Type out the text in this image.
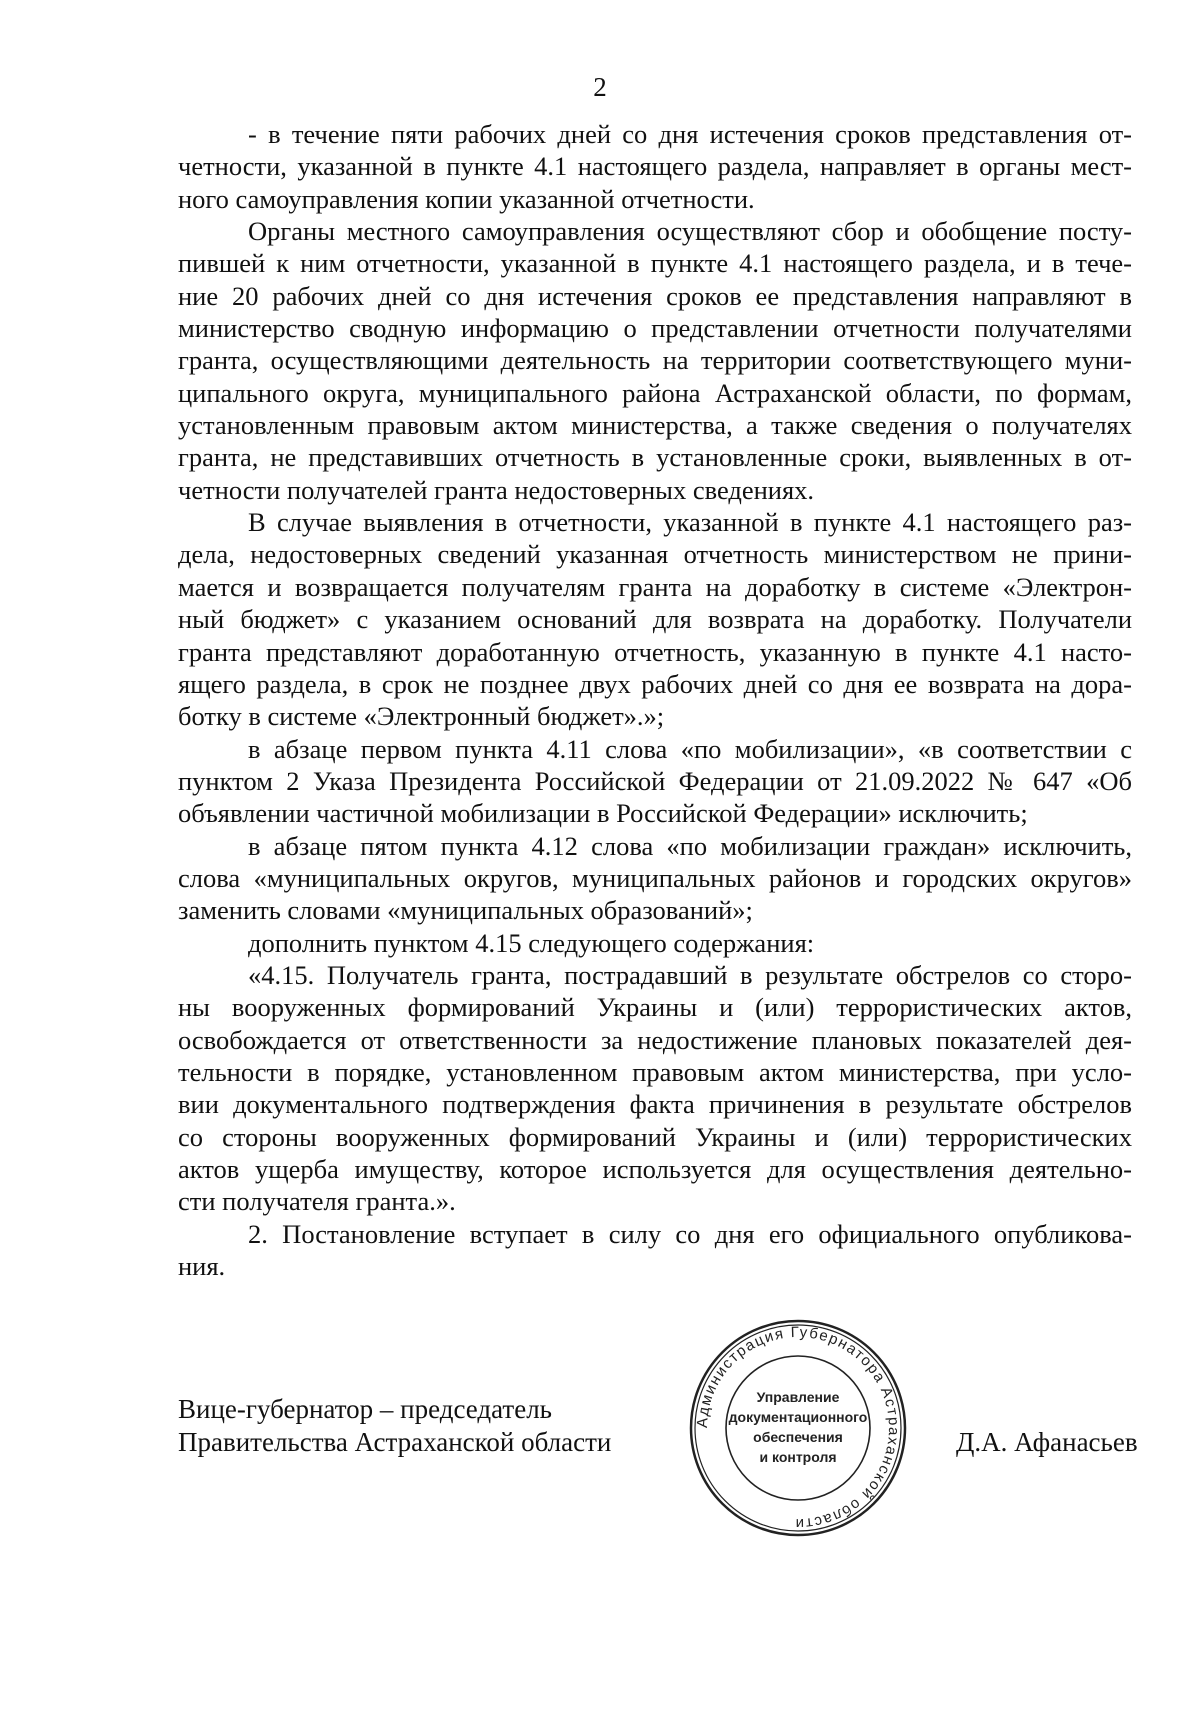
2
- в течение пяти рабочих дней со дня истечения сроков представления от-
четности, указанной в пункте 4.1 настоящего раздела, направляет в органы мест-
ного самоуправления копии указанной отчетности.
Органы местного самоуправления осуществляют сбор и обобщение посту-
пившей к ним отчетности, указанной в пункте 4.1 настоящего раздела, и в тече-
ние 20 рабочих дней со дня истечения сроков ее представления направляют в
министерство сводную информацию о представлении отчетности получателями
гранта, осуществляющими деятельность на территории соответствующего муни-
ципального округа, муниципального района Астраханской области, по формам,
установленным правовым актом министерства, а также сведения о получателях
гранта, не представивших отчетность в установленные сроки, выявленных в от-
четности получателей гранта недостоверных сведениях.
В случае выявления в отчетности, указанной в пункте 4.1 настоящего раз-
дела, недостоверных сведений указанная отчетность министерством не прини-
мается и возвращается получателям гранта на доработку в системе «Электрон-
ный бюджет» с указанием оснований для возврата на доработку. Получатели
гранта представляют доработанную отчетность, указанную в пункте 4.1 насто-
ящего раздела, в срок не позднее двух рабочих дней со дня ее возврата на дора-
ботку в системе «Электронный бюджет».»;
в абзаце первом пункта 4.11 слова «по мобилизации», «в соответствии с
пунктом 2 Указа Президента Российской Федерации от 21.09.2022 № 647 «Об
объявлении частичной мобилизации в Российской Федерации» исключить;
в абзаце пятом пункта 4.12 слова «по мобилизации граждан» исключить,
слова «муниципальных округов, муниципальных районов и городских округов»
заменить словами «муниципальных образований»;
дополнить пунктом 4.15 следующего содержания:
«4.15. Получатель гранта, пострадавший в результате обстрелов со сторо-
ны вооруженных формирований Украины и (или) террористических актов,
освобождается от ответственности за недостижение плановых показателей дея-
тельности в порядке, установленном правовым актом министерства, при усло-
вии документального подтверждения факта причинения в результате обстрелов
со стороны вооруженных формирований Украины и (или) террористических
актов ущерба имуществу, которое используется для осуществления деятельно-
сти получателя гранта.».
2. Постановление вступает в силу со дня его официального опубликова-
ния.
Вице-губернатор – председатель
Правительства Астраханской области	Д.А. Афанасьев
Администрация Губернатора Астраханской области
Управление
документационного
обеспечения
и контроля
